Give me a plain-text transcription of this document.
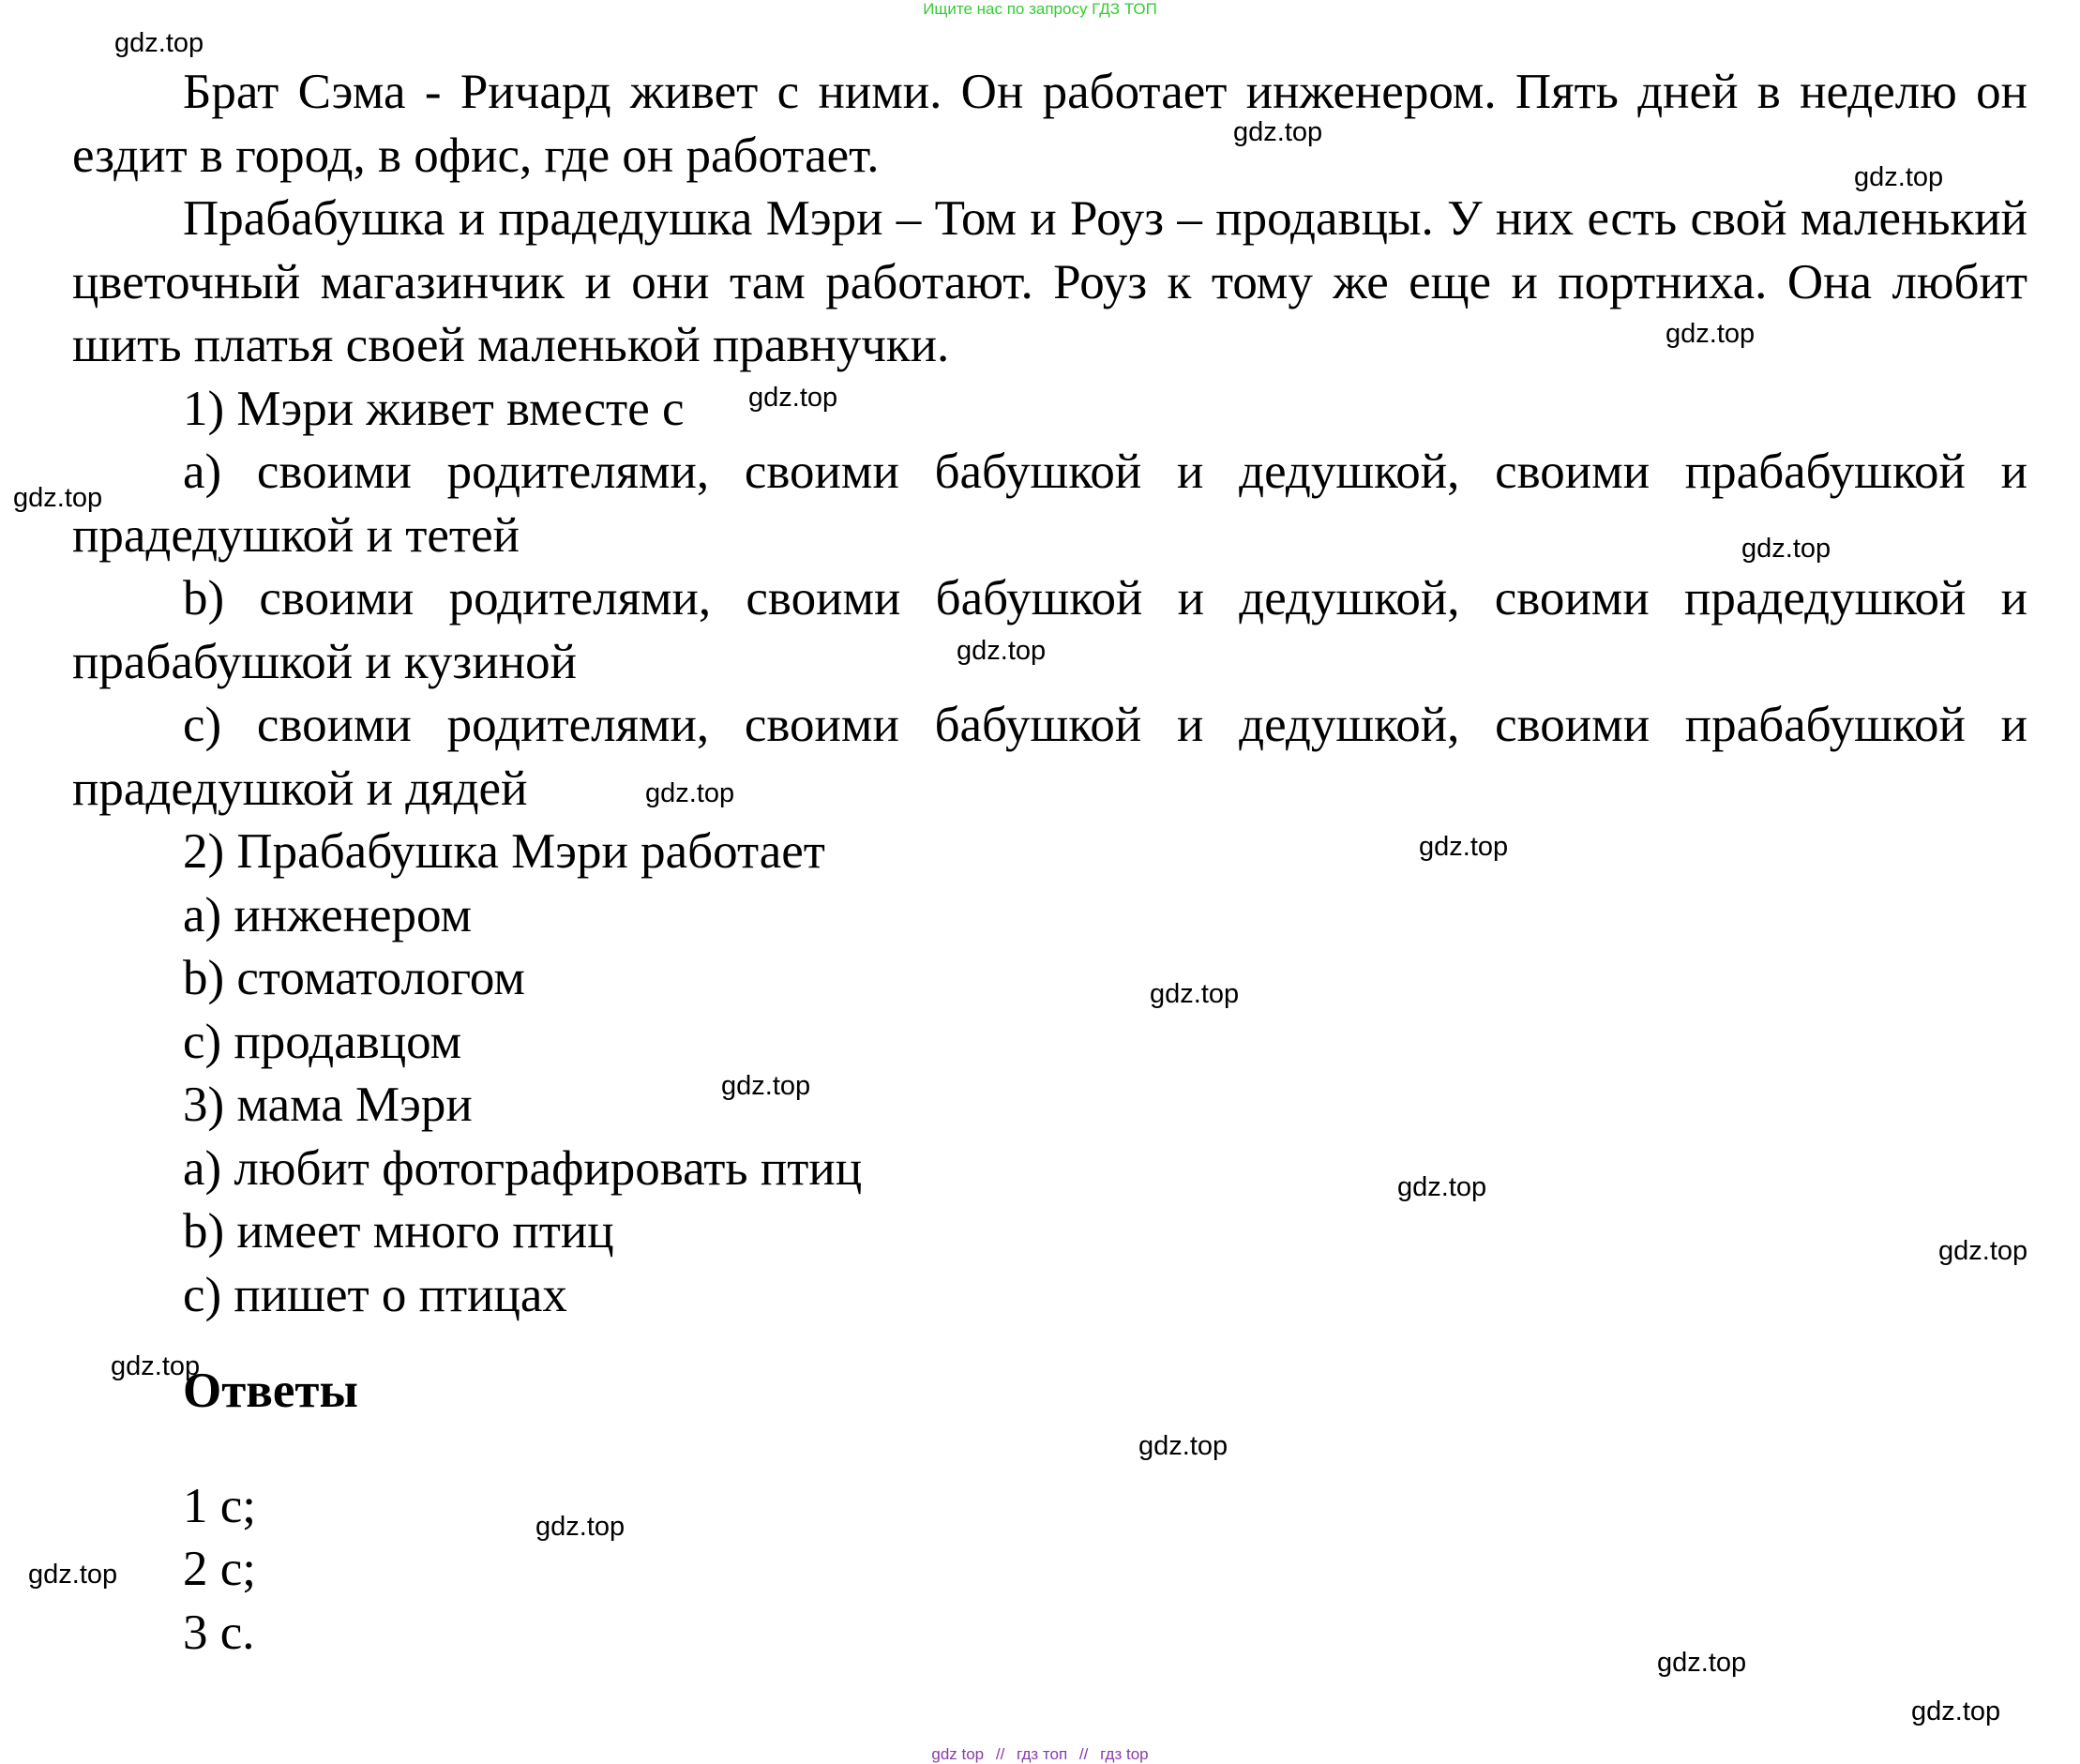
Ищите нас по запросу ГДЗ ТОП

Брат Сэма - Ричард живет с ними. Он работает инженером. Пять дней в неделю он ездит в город, в офис, где он работает.

Прабабушка и прадедушка Мэри – Том и Роуз – продавцы. У них есть свой маленький цветочный магазинчик и они там работают. Роуз к тому же еще и портниха. Она любит шить платья своей маленькой правнучки.

1) Мэри живет вместе с

a) своими родителями, своими бабушкой и дедушкой, своими прабабушкой и прадедушкой и тетей

b) своими родителями, своими бабушкой и дедушкой, своими прадедушкой и прабабушкой и кузиной

c) своими родителями, своими бабушкой и дедушкой, своими прабабушкой и прадедушкой и дядей

2) Прабабушка Мэри работает

a) инженером

b) стоматологом

c) продавцом

3) мама Мэри

a) любит фотографировать птиц

b) имеет много птиц

c) пишет о птицах

Ответы

1 с;

2 с;

3 с.

gdz.top
gdz.top
gdz.top
gdz.top
gdz.top
gdz.top
gdz.top
gdz.top
gdz.top
gdz.top
gdz.top
gdz.top
gdz.top
gdz.top
gdz.top
gdz.top
gdz.top
gdz.top
gdz.top
gdz.top
gdz top // гдз топ // гдз top
